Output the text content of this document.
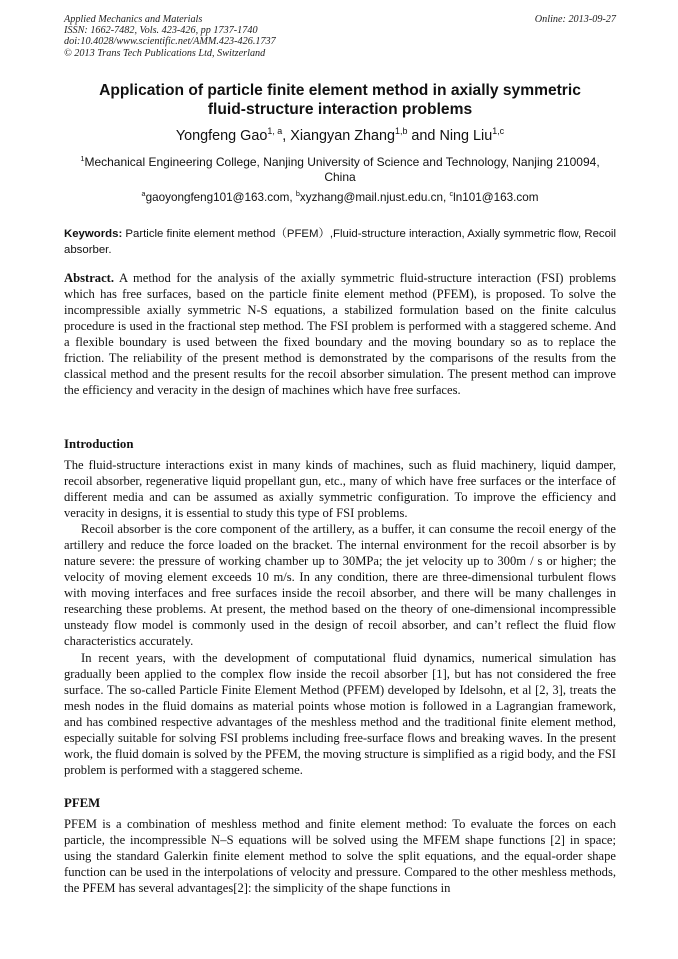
Applied Mechanics and Materials
ISSN: 1662-7482, Vols. 423-426, pp 1737-1740
doi:10.4028/www.scientific.net/AMM.423-426.1737
© 2013 Trans Tech Publications Ltd, Switzerland
Online: 2013-09-27
Application of particle finite element method in axially symmetric
fluid-structure interaction problems
Yongfeng Gao$^{1, a}$, Xiangyan Zhang$^{1,b}$ and Ning Liu$^{1,c}$
$^1$Mechanical Engineering College, Nanjing University of Science and Technology, Nanjing 210094, China
$^a$gaoyongfeng101@163.com, $^b$xyzhang@mail.njust.edu.cn, $^c$ln101@163.com
Keywords: Particle finite element method（PFEM）,Fluid-structure interaction, Axially symmetric flow, Recoil absorber.

Abstract. A method for the analysis of the axially symmetric fluid-structure interaction (FSI) problems which has free surfaces, based on the particle finite element method (PFEM), is proposed. To solve the incompressible axially symmetric N-S equations, a stabilized formulation based on the finite calculus procedure is used in the fractional step method. The FSI problem is performed with a staggered scheme. And a flexible boundary is used between the fixed boundary and the moving boundary so as to replace the friction. The reliability of the present method is demonstrated by the comparisons of the results from the classical method and the present results for the recoil absorber simulation. The present method can improve the efficiency and veracity in the design of machines which have free surfaces.

Introduction

The fluid-structure interactions exist in many kinds of machines, such as fluid machinery, liquid damper, recoil absorber, regenerative liquid propellant gun, etc., many of which have free surfaces or the interface of different media and can be assumed as axially symmetric configuration. To improve the efficiency and veracity in designs, it is essential to study this type of FSI problems.

Recoil absorber is the core component of the artillery, as a buffer, it can consume the recoil energy of the artillery and reduce the force loaded on the bracket. The internal environment for the recoil absorber is by nature severe: the pressure of working chamber up to 30MPa; the jet velocity up to 300m / s or higher; the velocity of moving element exceeds 10 m/s. In any condition, there are three-dimensional turbulent flows with moving interfaces and free surfaces inside the recoil absorber, and there will be many challenges in researching these problems. At present, the method based on the theory of one-dimensional incompressible unsteady flow model is commonly used in the design of recoil absorber, and can’t reflect the fluid flow characteristics accurately.

In recent years, with the development of computational fluid dynamics, numerical simulation has gradually been applied to the complex flow inside the recoil absorber [1], but has not considered the free surface. The so-called Particle Finite Element Method (PFEM) developed by Idelsohn, et al [2, 3], treats the mesh nodes in the fluid domains as material points whose motion is followed in a Lagrangian framework, and has combined respective advantages of the meshless method and the traditional finite element method, especially suitable for solving FSI problems including free-surface flows and breaking waves. In the present work, the fluid domain is solved by the PFEM, the moving structure is simplified as a rigid body, and the FSI problem is performed with a staggered scheme.

PFEM

PFEM is a combination of meshless method and finite element method: To evaluate the forces on each particle, the incompressible N–S equations will be solved using the MFEM shape functions [2] in space; using the standard Galerkin finite element method to solve the split equations, and the equal-order shape function can be used in the interpolations of velocity and pressure. Compared to the other meshless methods, the PFEM has several advantages[2]: the simplicity of the shape functions in
